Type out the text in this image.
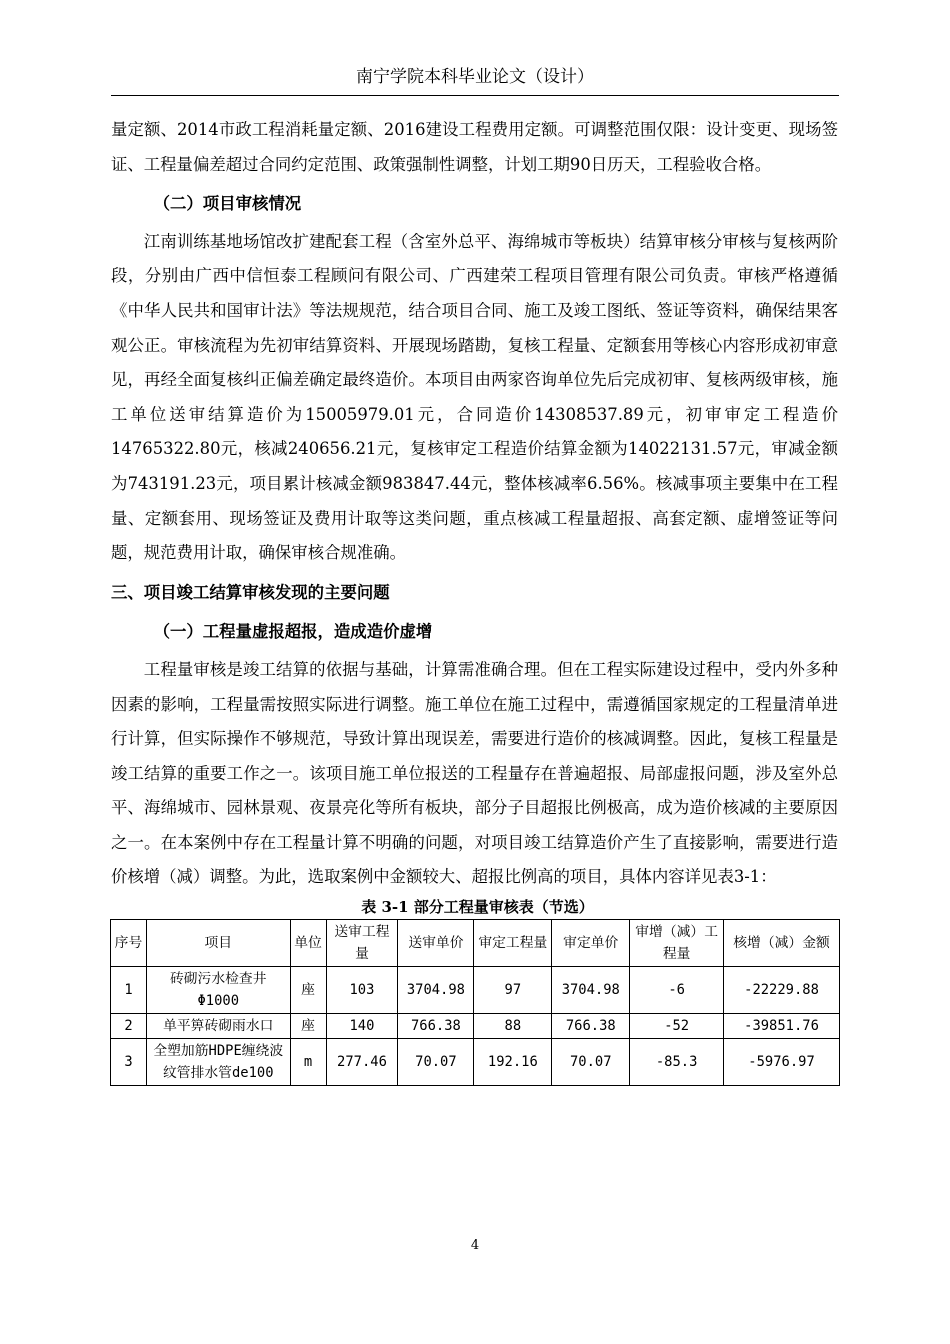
南宁学院本科毕业论文（设计）

量定额、2014市政工程消耗量定额、2016建设工程费用定额。可调整范围仅限：设计变更、现场签证、工程量偏差超过合同约定范围、政策强制性调整，计划工期90日历天，工程验收合格。

（二）项目审核情况

江南训练基地场馆改扩建配套工程（含室外总平、海绵城市等板块）结算审核分审核与复核两阶段，分别由广西中信恒泰工程顾问有限公司、广西建荣工程项目管理有限公司负责。审核严格遵循《中华人民共和国审计法》等法规规范，结合项目合同、施工及竣工图纸、签证等资料，确保结果客观公正。审核流程为先初审结算资料、开展现场踏勘，复核工程量、定额套用等核心内容形成初审意见，再经全面复核纠正偏差确定最终造价。本项目由两家咨询单位先后完成初审、复核两级审核，施工单位送审结算造价为15005979.01元，合同造价14308537.89元，初审审定工程造价14765322.80元，核减240656.21元，复核审定工程造价结算金额为14022131.57元，审减金额为743191.23元，项目累计核减金额983847.44元，整体核减率6.56%。核减事项主要集中在工程量、定额套用、现场签证及费用计取等这类问题，重点核减工程量超报、高套定额、虚增签证等问题，规范费用计取，确保审核合规准确。

三、项目竣工结算审核发现的主要问题

（一）工程量虚报超报，造成造价虚增

工程量审核是竣工结算的依据与基础，计算需准确合理。但在工程实际建设过程中，受内外多种因素的影响，工程量需按照实际进行调整。施工单位在施工过程中，需遵循国家规定的工程量清单进行计算，但实际操作不够规范，导致计算出现误差，需要进行造价的核减调整。因此，复核工程量是竣工结算的重要工作之一。该项目施工单位报送的工程量存在普遍超报、局部虚报问题，涉及室外总平、海绵城市、园林景观、夜景亮化等所有板块，部分子目超报比例极高，成为造价核减的主要原因之一。在本案例中存在工程量计算不明确的问题，对项目竣工结算造价产生了直接影响，需要进行造价核增（减）调整。为此，选取案例中金额较大、超报比例高的项目，具体内容详见表3-1：

表 3-1 部分工程量审核表（节选）

序号	项目	单位	送审工程量	送审单价	审定工程量	审定单价	审增（减）工程量	核增（减）金额
1	砖砌污水检查井Φ1000	座	103	3704.98	97	3704.98	-6	-22229.88
2	单平箅砖砌雨水口	座	140	766.38	88	766.38	-52	-39851.76
3	全塑加筋HDPE缠绕波纹管排水管de100	m	277.46	70.07	192.16	70.07	-85.3	-5976.97
4
